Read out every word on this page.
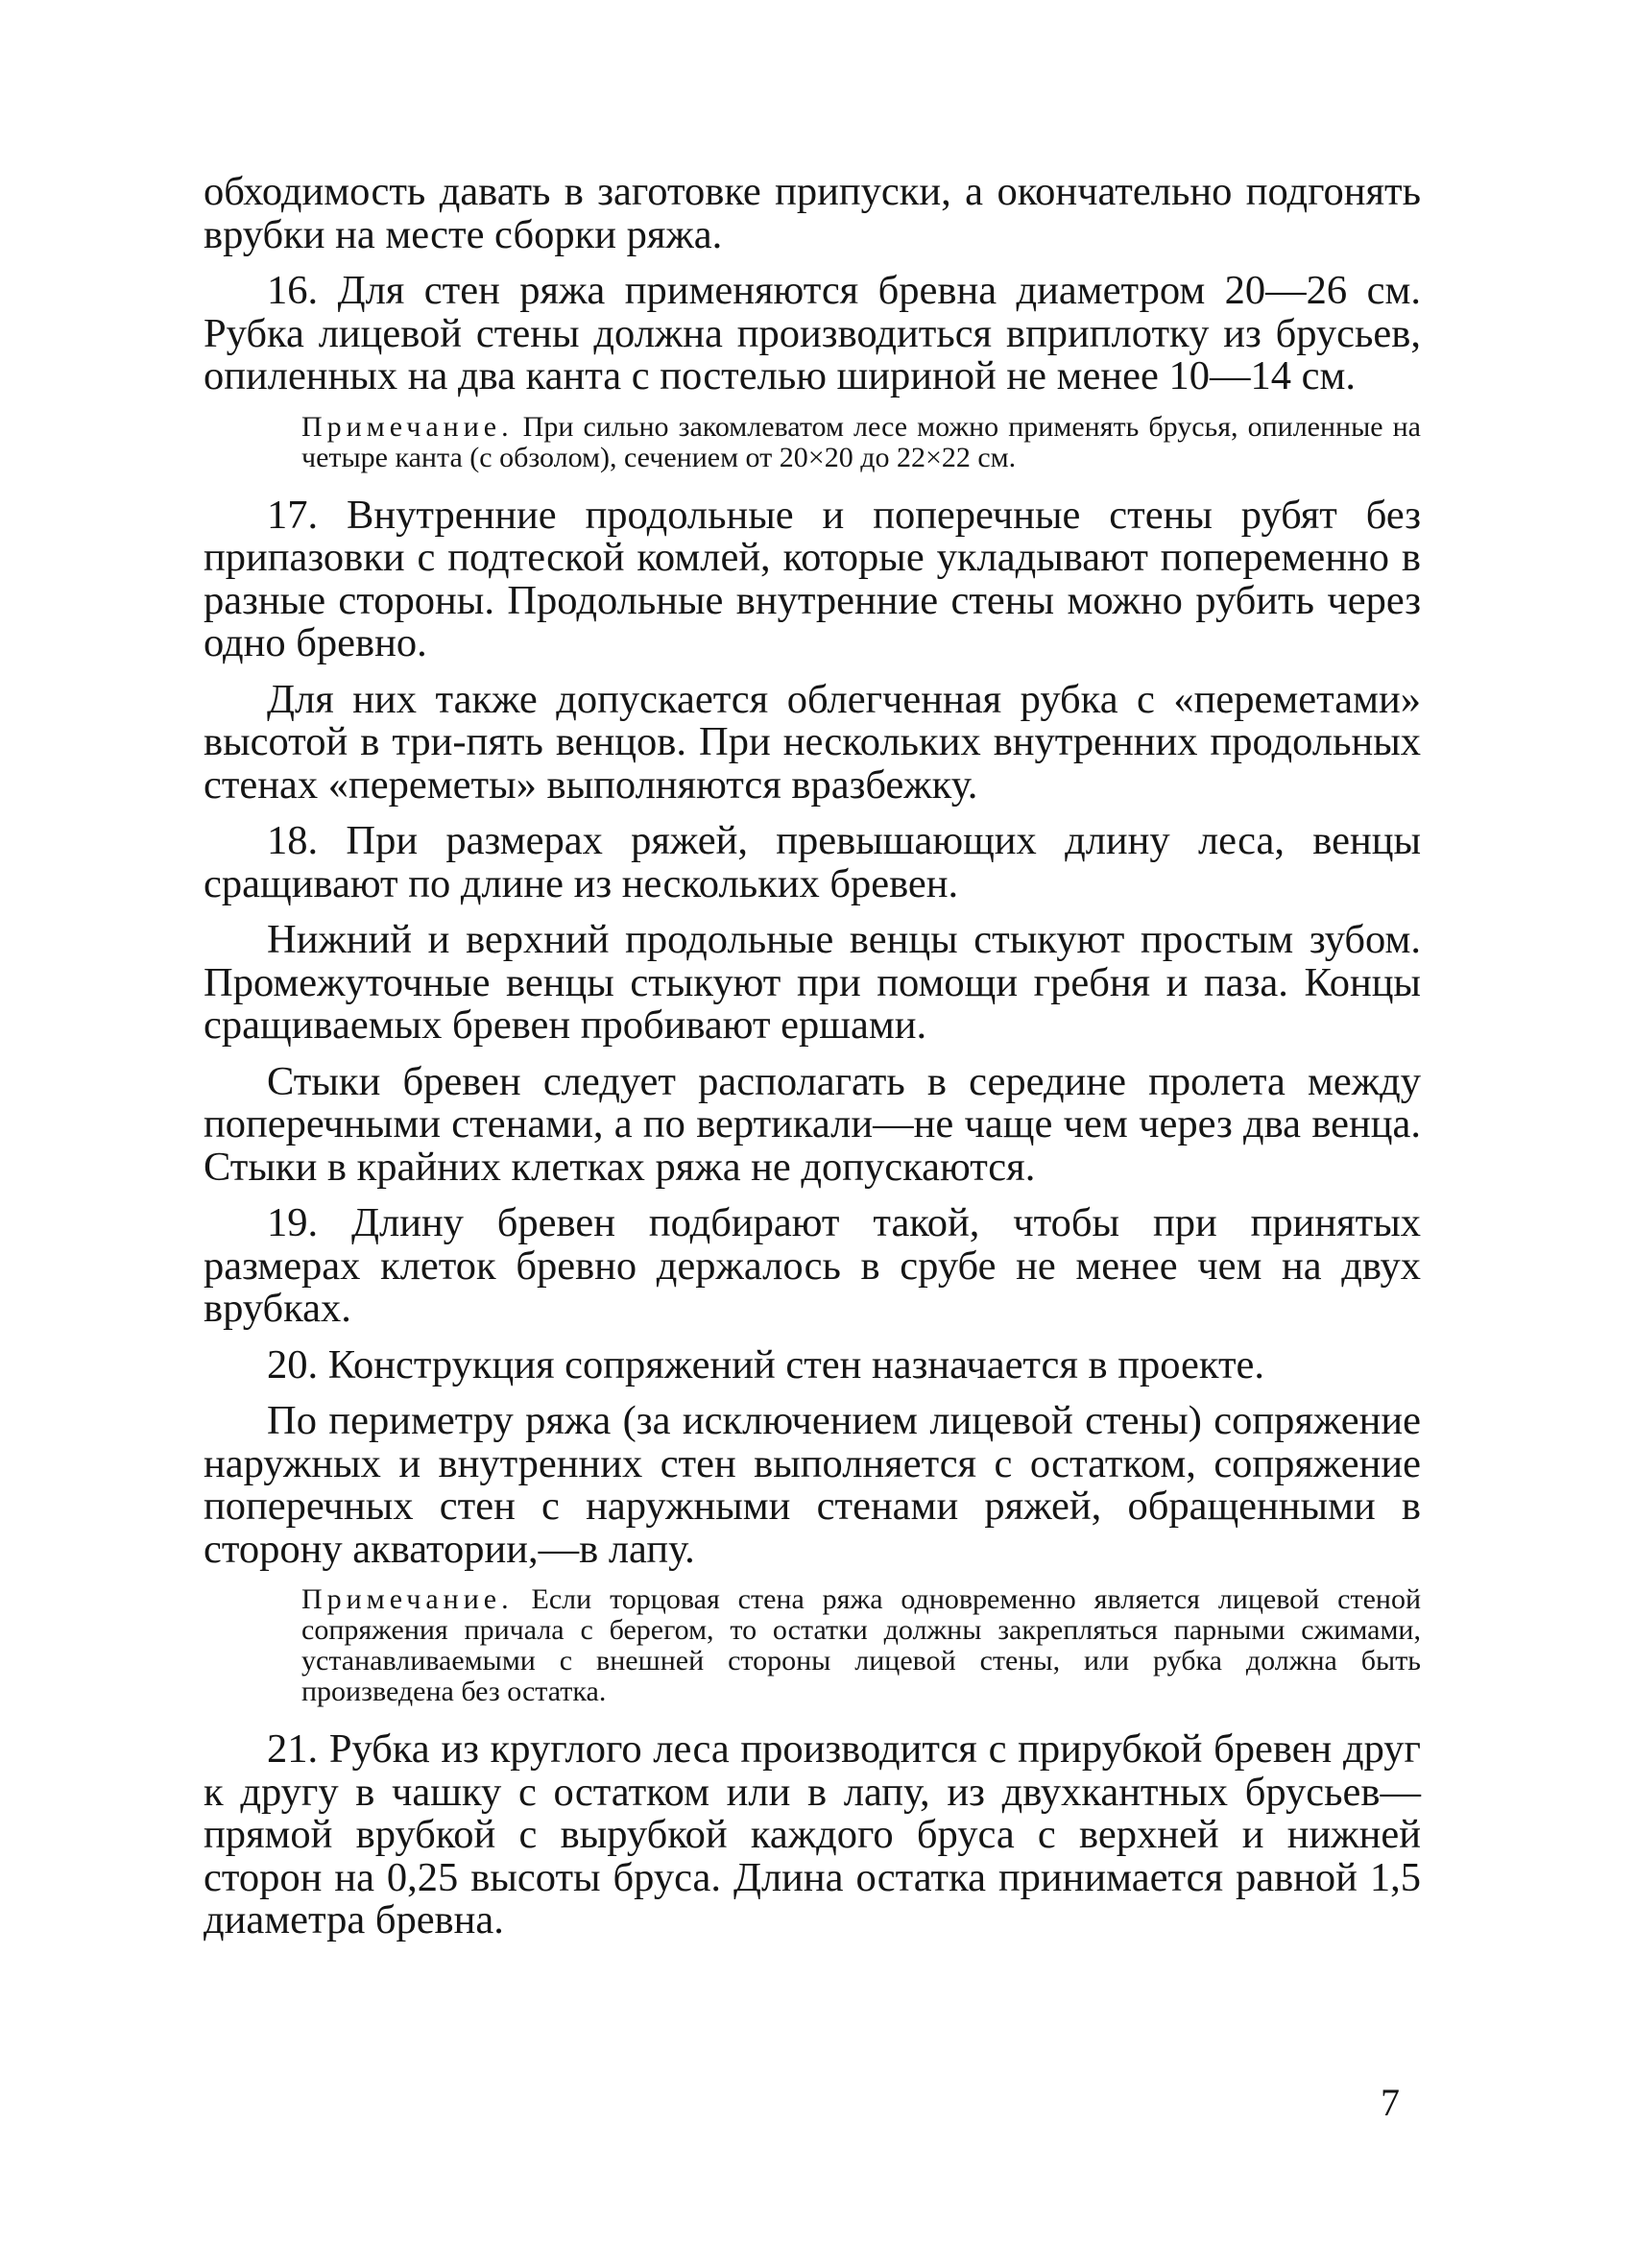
обходимость давать в заготовке припуски, а окончательно подгонять врубки на месте сборки ряжа.

16. Для стен ряжа применяются бревна диаметром 20—26 см. Рубка лицевой стены должна производиться вприплотку из брусьев, опиленных на два канта с постелью шириной не менее 10—14 см.

Примечание. При сильно закомлеватом лесе можно применять брусья, опиленные на четыре канта (с обзолом), сечением от 20×20 до 22×22 см.

17. Внутренние продольные и поперечные стены рубят без припазовки с подтеской комлей, которые укладывают попеременно в разные стороны. Продольные внутренние стены можно рубить через одно бревно.

Для них также допускается облегченная рубка с «переметами» высотой в три-пять венцов. При нескольких внутренних продольных стенах «переметы» выполняются вразбежку.

18. При размерах ряжей, превышающих длину леса, венцы сращивают по длине из нескольких бревен.

Нижний и верхний продольные венцы стыкуют простым зубом. Промежуточные венцы стыкуют при помощи гребня и паза. Концы сращиваемых бревен пробивают ершами.

Стыки бревен следует располагать в середине пролета между поперечными стенами, а по вертикали—не чаще чем через два венца. Стыки в крайних клетках ряжа не допускаются.

19. Длину бревен подбирают такой, чтобы при принятых размерах клеток бревно держалось в срубе не менее чем на двух врубках.

20. Конструкция сопряжений стен назначается в проекте.

По периметру ряжа (за исключением лицевой стены) сопряжение наружных и внутренних стен выполняется с остатком, сопряжение поперечных стен с наружными стенами ряжей, обращенными в сторону акватории,—в лапу.

Примечание. Если торцовая стена ряжа одновременно является лицевой стеной сопряжения причала с берегом, то остатки должны закрепляться парными сжимами, устанавливаемыми с внешней стороны лицевой стены, или рубка должна быть произведена без остатка.

21. Рубка из круглого леса производится с прирубкой бревен друг к другу в чашку с остатком или в лапу, из двухкантных брусьев—прямой врубкой с вырубкой каждого бруса с верхней и нижней сторон на 0,25 высоты бруса. Длина остатка принимается равной 1,5 диаметра бревна.

7
